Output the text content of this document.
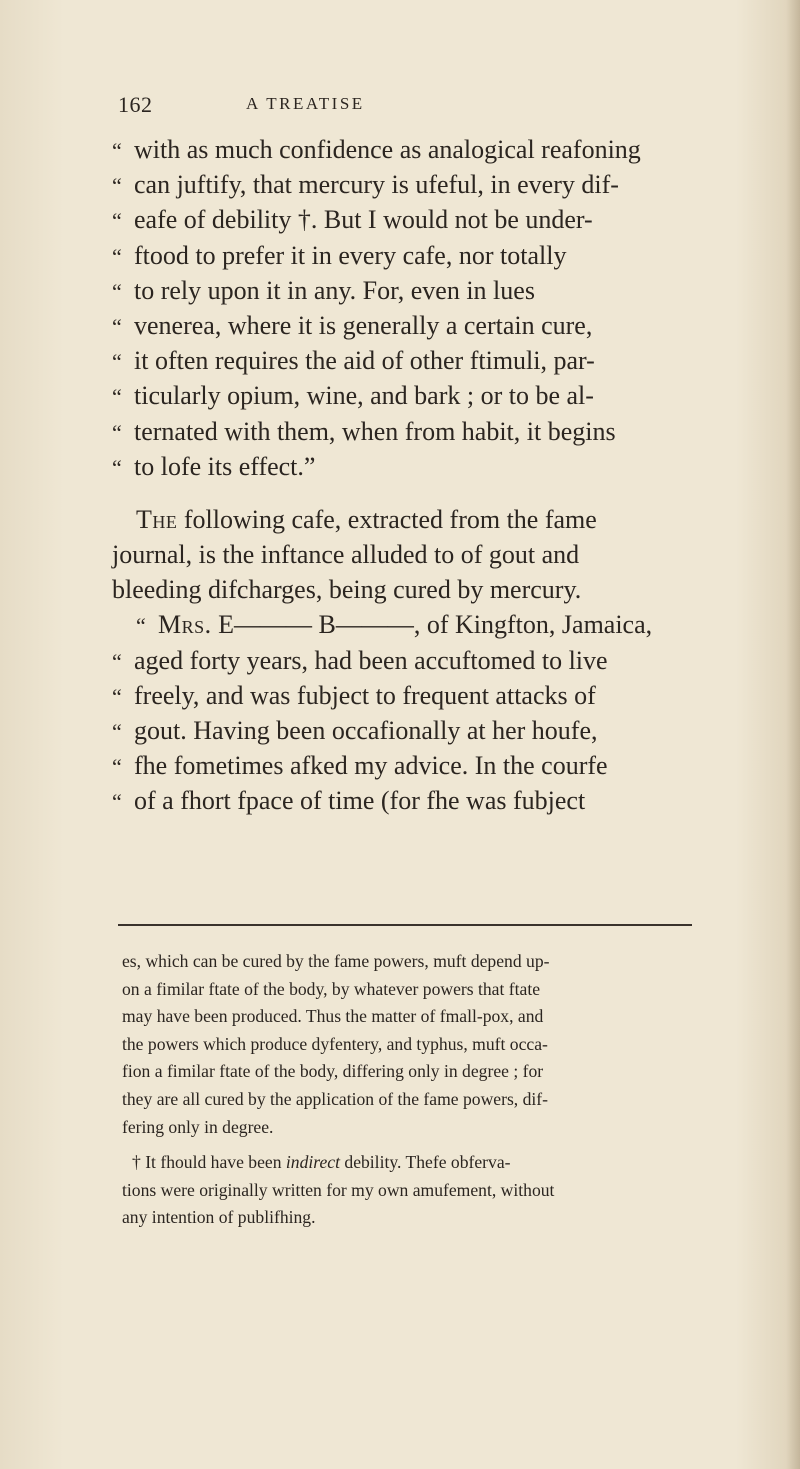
162	A TREATISE
“ with as much confidence as analogical reafoning
“ can juftify, that mercury is ufeful, in every dif-
“ eafe of debility †. But I would not be under-
“ ftood to prefer it in every cafe, nor totally
“ to rely upon it in any. For, even in lues
“ venerea, where it is generally a certain cure,
“ it often requires the aid of other ftimuli, par-
“ ticularly opium, wine, and bark ; or to be al-
“ ternated with them, when from habit, it begins
“ to lofe its effect.”
The following cafe, extracted from the fame
journal, is the inftance alluded to of gout and
bleeding difcharges, being cured by mercury.
“ Mrs. E——— B———, of Kingfton, Jamaica,
“ aged forty years, had been accuftomed to live
“ freely, and was fubject to frequent attacks of
“ gout. Having been occafionally at her houfe,
“ fhe fometimes afked my advice. In the courfe
“ of a fhort fpace of time (for fhe was fubject
es, which can be cured by the fame powers, muft depend up-
on a fimilar ftate of the body, by whatever powers that ftate
may have been produced. Thus the matter of fmall-pox, and
the powers which produce dyfentery, and typhus, muft occa-
fion a fimilar ftate of the body, differing only in degree ; for
they are all cured by the application of the fame powers, dif-
fering only in degree.
† It fhould have been indirect debility. Thefe obferva-
tions were originally written for my own amufement, without
any intention of publifhing.
